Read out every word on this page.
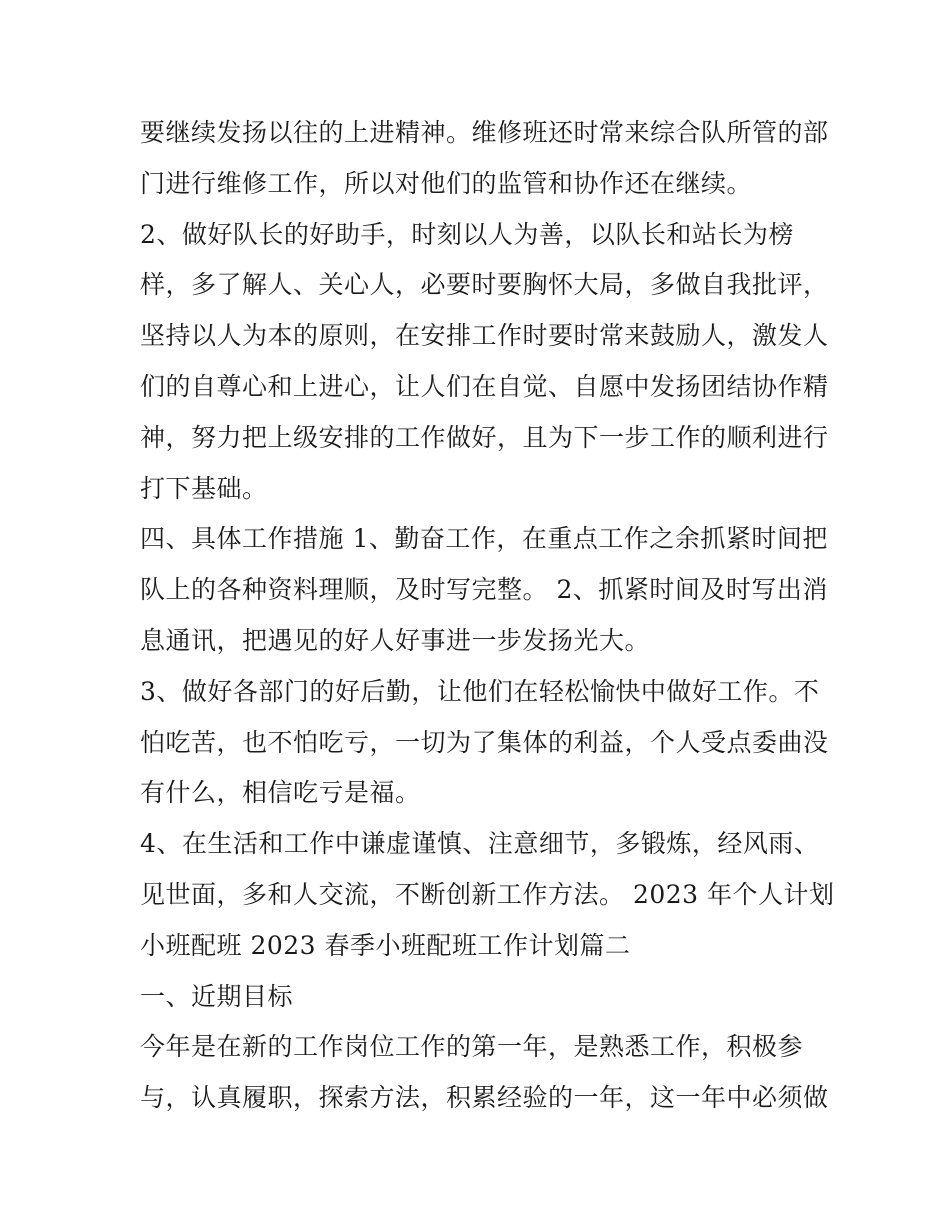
要继续发扬以往的上进精神。维修班还时常来综合队所管的部
门进行维修工作，所以对他们的监管和协作还在继续。
2、做好队长的好助手，时刻以人为善，以队长和站长为榜
样，多了解人、关心人，必要时要胸怀大局，多做自我批评，
坚持以人为本的原则，在安排工作时要时常来鼓励人，激发人
们的自尊心和上进心，让人们在自觉、自愿中发扬团结协作精
神，努力把上级安排的工作做好，且为下一步工作的顺利进行
打下基础。
四、具体工作措施 1、勤奋工作，在重点工作之余抓紧时间把
队上的各种资料理顺，及时写完整。 2、抓紧时间及时写出消
息通讯，把遇见的好人好事进一步发扬光大。
3、做好各部门的好后勤，让他们在轻松愉快中做好工作。不
怕吃苦，也不怕吃亏，一切为了集体的利益，个人受点委曲没
有什么，相信吃亏是福。
4、在生活和工作中谦虚谨慎、注意细节，多锻炼，经风雨、
见世面，多和人交流，不断创新工作方法。 2023 年个人计划
小班配班 2023 春季小班配班工作计划篇二
一、近期目标
今年是在新的工作岗位工作的第一年，是熟悉工作，积极参
与，认真履职，探索方法，积累经验的一年，这一年中必须做
